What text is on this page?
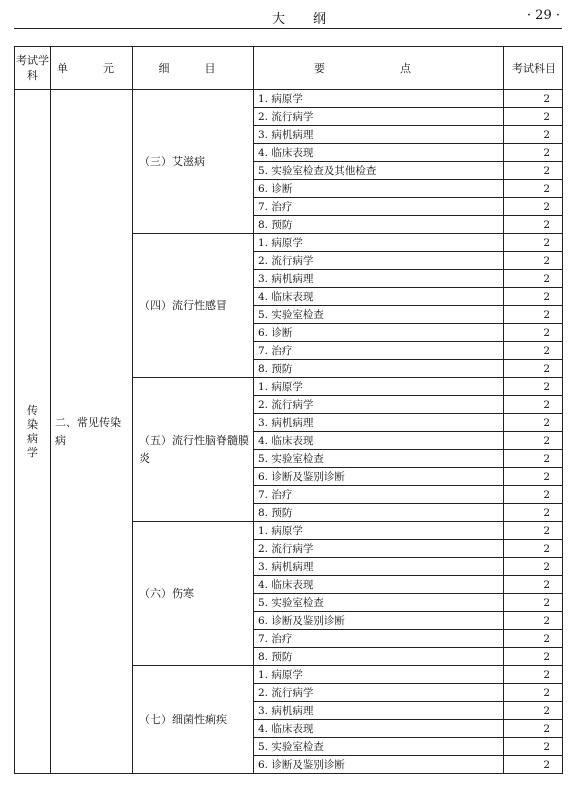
大纲	· 29 ·
考试学科	单　元	细　目	要　点	考试科目
传染病学	二、常见传染病	（三）艾滋病	1. 病原学	2
			2. 流行病学	2
			3. 病机病理	2
			4. 临床表现	2
			5. 实验室检查及其他检查	2
			6. 诊断	2
			7. 治疗	2
			8. 预防	2
		（四）流行性感冒	1. 病原学	2
			2. 流行病学	2
			3. 病机病理	2
			4. 临床表现	2
			5. 实验室检查	2
			6. 诊断	2
			7. 治疗	2
			8. 预防	2
		（五）流行性脑脊髓膜炎	1. 病原学	2
			2. 流行病学	2
			3. 病机病理	2
			4. 临床表现	2
			5. 实验室检查	2
			6. 诊断及鉴别诊断	2
			7. 治疗	2
			8. 预防	2
		（六）伤寒	1. 病原学	2
			2. 流行病学	2
			3. 病机病理	2
			4. 临床表现	2
			5. 实验室检查	2
			6. 诊断及鉴别诊断	2
			7. 治疗	2
			8. 预防	2
		（七）细菌性痢疾	1. 病原学	2
			2. 流行病学	2
			3. 病机病理	2
			4. 临床表现	2
			5. 实验室检查	2
			6. 诊断及鉴别诊断	2
